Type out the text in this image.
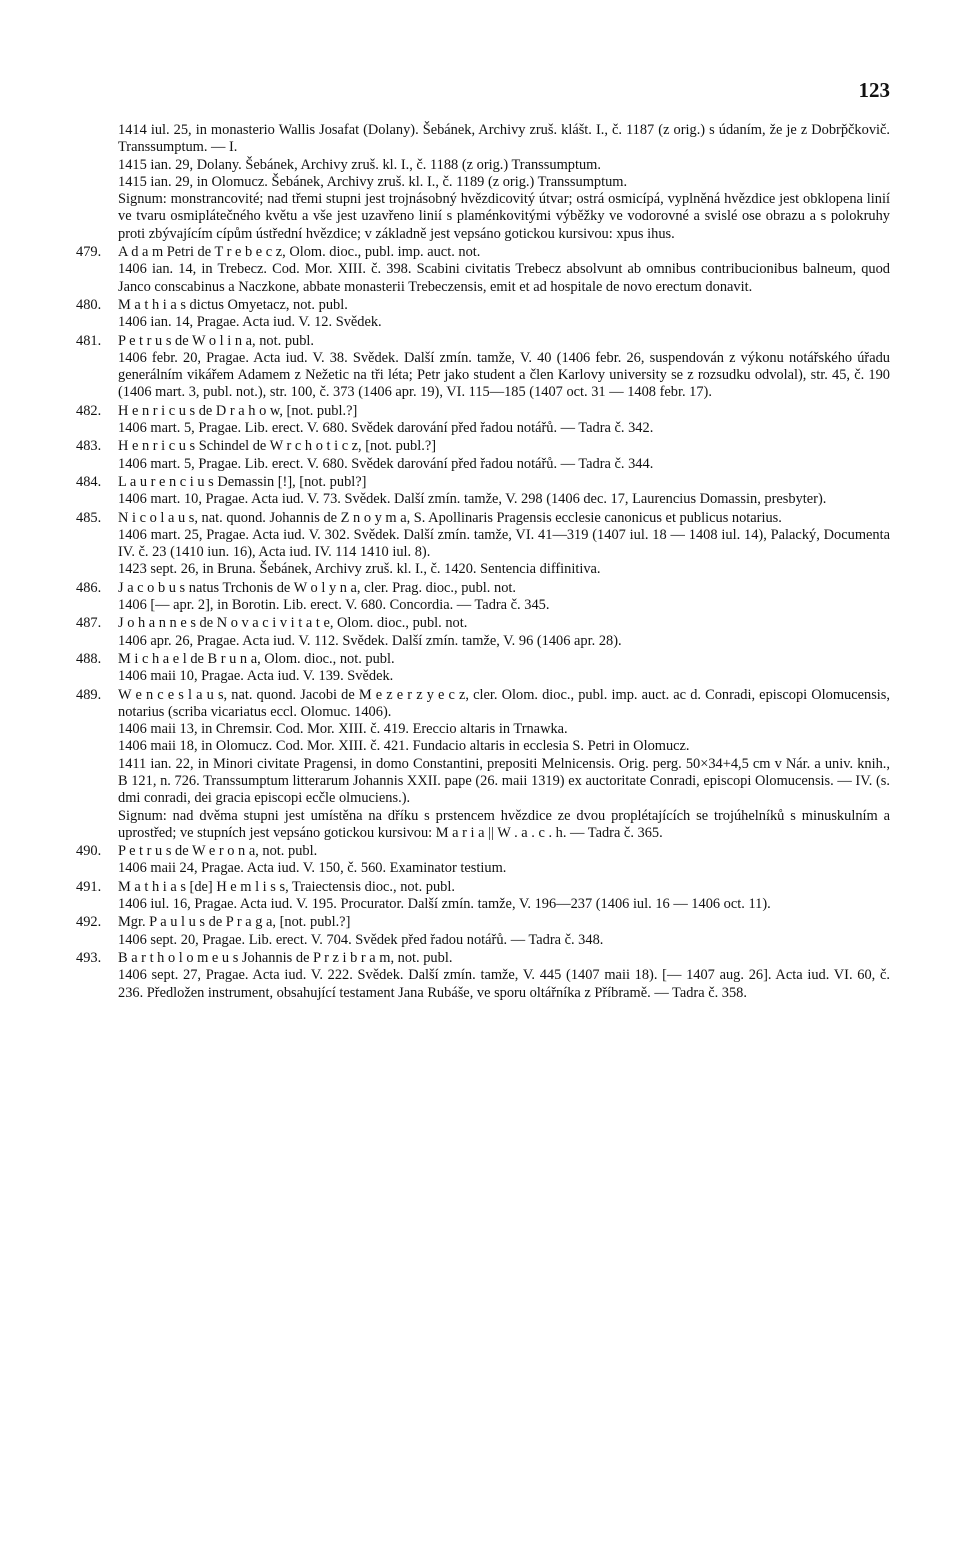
123
1414 iul. 25, in monasterio Wallis Josafat (Dolany). Šebánek, Archivy zruš. klášt. I., č. 1187 (z orig.) s údaním, že je z Dobrp̌čkovič. Transsumptum. — I.
1415 ian. 29, Dolany. Šebánek, Archivy zruš. kl. I., č. 1188 (z orig.) Transsumptum.
1415 ian. 29, in Olomucz. Šebánek, Archivy zruš. kl. I., č. 1189 (z orig.) Transsumptum.
Signum: monstrancovité; nad třemi stupni jest trojnásobný hvězdicovitý útvar; ostrá osmicípá, vyplněná hvězdice jest obklopena linií ve tvaru osmiplátečného květu a vše jest uzavřeno linií s plaménkovitými výběžky ve vodorovné a svislé ose obrazu a s polokruhy proti zbývajícím cípům ústřední hvězdice; v základně jest vepsáno gotickou kursivou: xpus ihus.
479.	A d a m Petri de T r e b e c z, Olom. dioc., publ. imp. auct. not.
1406 ian. 14, in Trebecz. Cod. Mor. XIII. č. 398. Scabini civitatis Trebecz absolvunt ab omnibus contribucionibus balneum, quod Janco conscabinus a Naczkone, abbate monasterii Trebeczensis, emit et ad hospitale de novo erectum donavit.
480.	M a t h i a s dictus Omyetacz, not. publ.
1406 ian. 14, Pragae. Acta iud. V. 12. Svědek.
481.	P e t r u s de W o l i n a, not. publ.
1406 febr. 20, Pragae. Acta iud. V. 38. Svědek. Další zmín. tamže, V. 40 (1406 febr. 26, suspendován z výkonu notářského úřadu generálním vikářem Adamem z Nežetic na tři léta; Petr jako student a člen Karlovy university se z rozsudku odvolal), str. 45, č. 190 (1406 mart. 3, publ. not.), str. 100, č. 373 (1406 apr. 19), VI. 115—185 (1407 oct. 31 — 1408 febr. 17).
482.	H e n r i c u s de D r a h o w, [not. publ.?]
1406 mart. 5, Pragae. Lib. erect. V. 680. Svědek darování před řadou notářů. — Tadra č. 342.
483.	H e n r i c u s Schindel de W r c h o t i c z, [not. publ.?]
1406 mart. 5, Pragae. Lib. erect. V. 680. Svědek darování před řadou notářů. — Tadra č. 344.
484.	L a u r e n c i u s Demassin [!], [not. publ?]
1406 mart. 10, Pragae. Acta iud. V. 73. Svědek. Další zmín. tamže, V. 298 (1406 dec. 17, Laurencius Domassin, presbyter).
485.	N i c o l a u s, nat. quond. Johannis de Z n o y m a, S. Apollinaris Pragensis ecclesie canonicus et publicus notarius.
1406 mart. 25, Pragae. Acta iud. V. 302. Svědek. Další zmín. tamže, VI. 41—319 (1407 iul. 18 — 1408 iul. 14), Palacký, Documenta IV. č. 23 (1410 iun. 16), Acta iud. IV. 114 1410 iul. 8).
1423 sept. 26, in Bruna. Šebánek, Archivy zruš. kl. I., č. 1420. Sentencia diffinitiva.
486.	J a c o b u s natus Trchonis de W o l y n a, cler. Prag. dioc., publ. not.
1406 [— apr. 2], in Borotin. Lib. erect. V. 680. Concordia. — Tadra č. 345.
487.	J o h a n n e s de N o v a c i v i t a t e, Olom. dioc., publ. not.
1406 apr. 26, Pragae. Acta iud. V. 112. Svědek. Další zmín. tamže, V. 96 (1406 apr. 28).
488.	M i c h a e l de B r u n a, Olom. dioc., not. publ.
1406 maii 10, Pragae. Acta iud. V. 139. Svědek.
489.	W e n c e s l a u s, nat. quond. Jacobi de M e z e r z y e c z, cler. Olom. dioc., publ. imp. auct. ac d. Conradi, episcopi Olomucensis, notarius (scriba vicariatus eccl. Olomuc. 1406).
1406 maii 13, in Chremsir. Cod. Mor. XIII. č. 419. Ereccio altaris in Trnawka.
1406 maii 18, in Olomucz. Cod. Mor. XIII. č. 421. Fundacio altaris in ecclesia S. Petri in Olomucz.
1411 ian. 22, in Minori civitate Pragensi, in domo Constantini, prepositi Melnicensis. Orig. perg. 50×34+4,5 cm v Nár. a univ. knih., B 121, n. 726. Transsumptum litterarum Johannis XXII. pape (26. maii 1319) ex auctoritate Conradi, episcopi Olomucensis. — IV. (s. dmi conradi, dei gracia episcopi ecčle olmuciens.).
Signum: nad dvěma stupni jest umístěna na dříku s prstencem hvězdice ze dvou proplétajících se trojúhelníků s minuskulním a uprostřed; ve stupních jest vepsáno gotickou kursivou: M a r i a || W . a . c . h. — Tadra č. 365.
490.	P e t r u s de W e r o n a, not. publ.
1406 maii 24, Pragae. Acta iud. V. 150, č. 560. Examinator testium.
491.	M a t h i a s [de] H e m l i s s, Traiectensis dioc., not. publ.
1406 iul. 16, Pragae. Acta iud. V. 195. Procurator. Další zmín. tamže, V. 196—237 (1406 iul. 16 — 1406 oct. 11).
492.	Mgr. P a u l u s de P r a g a, [not. publ.?]
1406 sept. 20, Pragae. Lib. erect. V. 704. Svědek před řadou notářů. — Tadra č. 348.
493.	B a r t h o l o m e u s Johannis de P r z i b r a m, not. publ.
1406 sept. 27, Pragae. Acta iud. V. 222. Svědek. Další zmín. tamže, V. 445 (1407 maii 18). [— 1407 aug. 26]. Acta iud. VI. 60, č. 236. Předložen instrument, obsahující testament Jana Rubáše, ve sporu oltářníka z Příbramě. — Tadra č. 358.
